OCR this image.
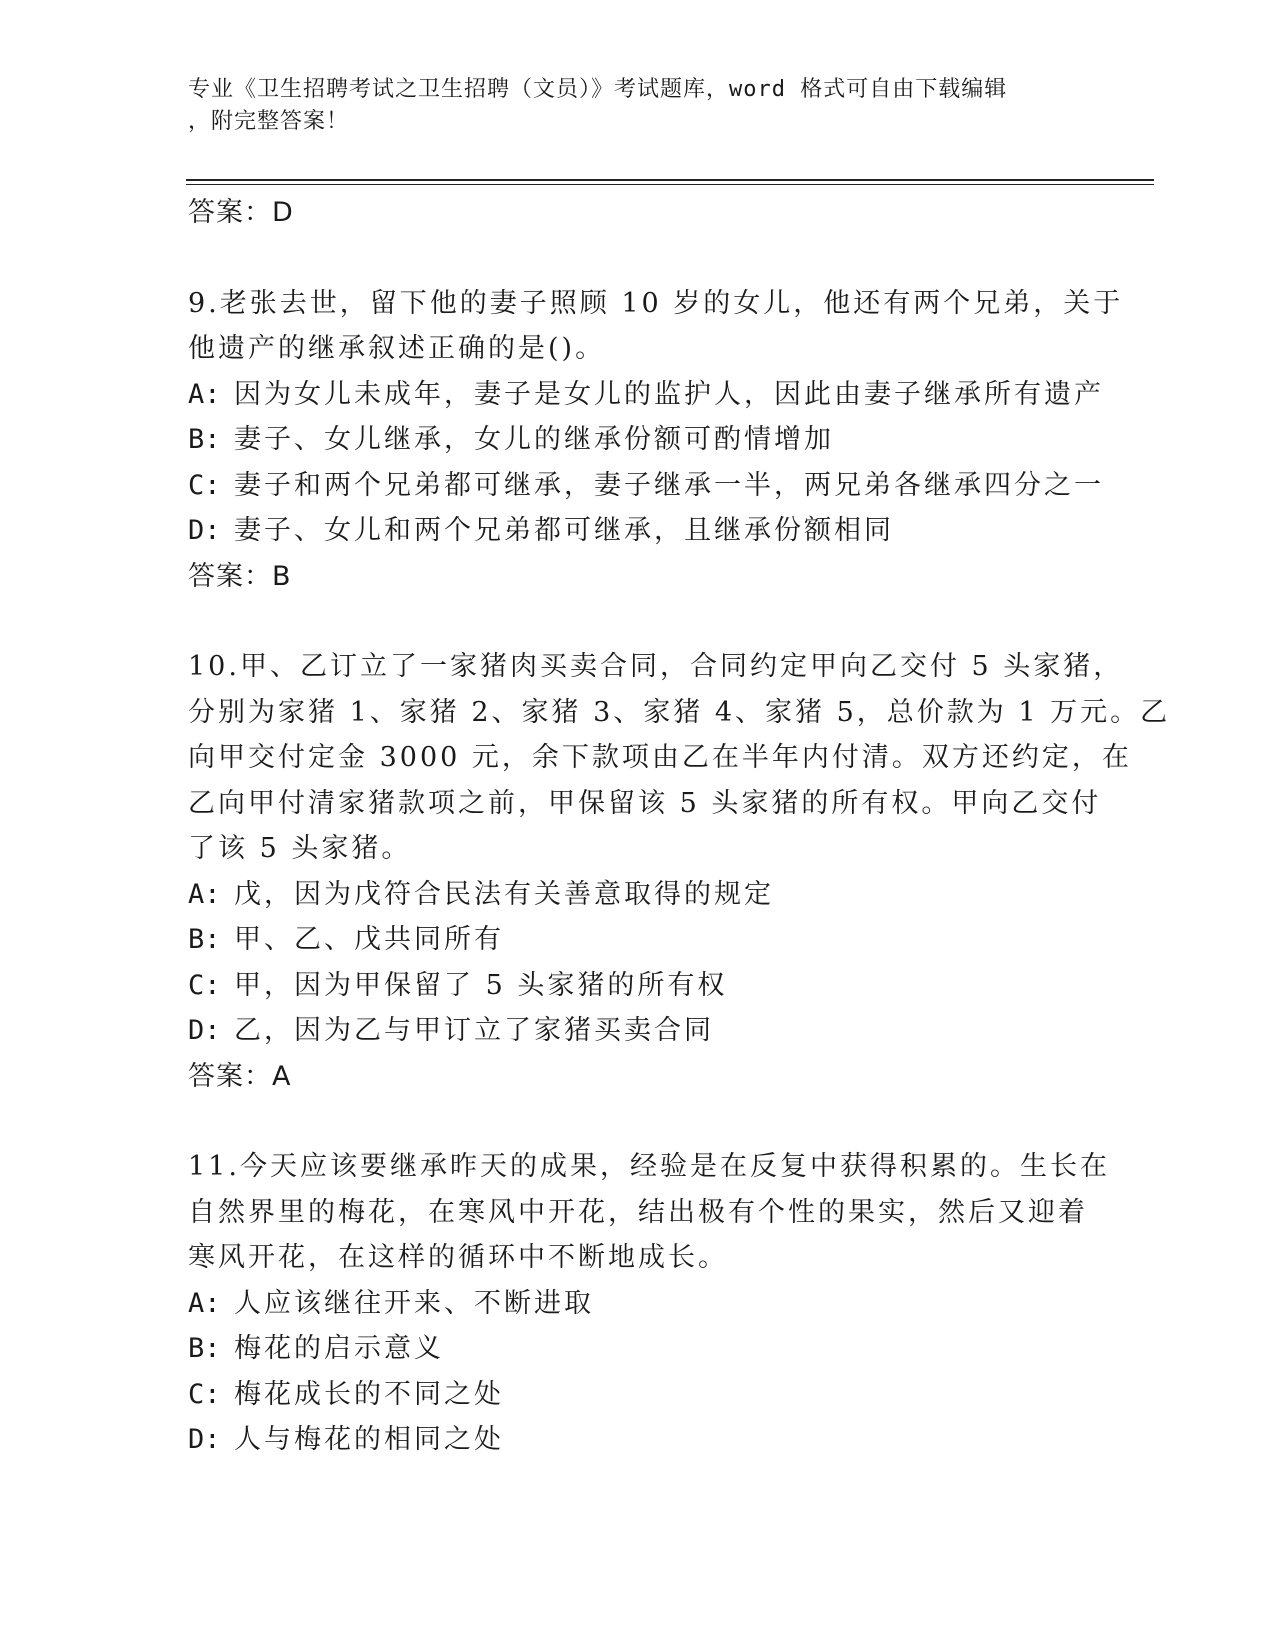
专业《卫生招聘考试之卫生招聘（文员）》考试题库，word 格式可自由下载编辑
，附完整答案！
答案：D
9.老张去世，留下他的妻子照顾 10 岁的女儿，他还有两个兄弟，关于
他遗产的继承叙述正确的是()。
A: 因为女儿未成年，妻子是女儿的监护人，因此由妻子继承所有遗产
B: 妻子、女儿继承，女儿的继承份额可酌情增加
C: 妻子和两个兄弟都可继承，妻子继承一半，两兄弟各继承四分之一
D: 妻子、女儿和两个兄弟都可继承，且继承份额相同
答案：B
10.甲、乙订立了一家猪肉买卖合同，合同约定甲向乙交付 5 头家猪，
分别为家猪 1、家猪 2、家猪 3、家猪 4、家猪 5，总价款为 1 万元。乙
向甲交付定金 3000 元，余下款项由乙在半年内付清。双方还约定，在
乙向甲付清家猪款项之前，甲保留该 5 头家猪的所有权。甲向乙交付
了该 5 头家猪。
A: 戊，因为戊符合民法有关善意取得的规定
B: 甲、乙、戊共同所有
C: 甲，因为甲保留了 5 头家猪的所有权
D: 乙，因为乙与甲订立了家猪买卖合同
答案：A
11.今天应该要继承昨天的成果，经验是在反复中获得积累的。生长在
自然界里的梅花，在寒风中开花，结出极有个性的果实，然后又迎着
寒风开花，在这样的循环中不断地成长。
A: 人应该继往开来、不断进取
B: 梅花的启示意义
C: 梅花成长的不同之处
D: 人与梅花的相同之处
